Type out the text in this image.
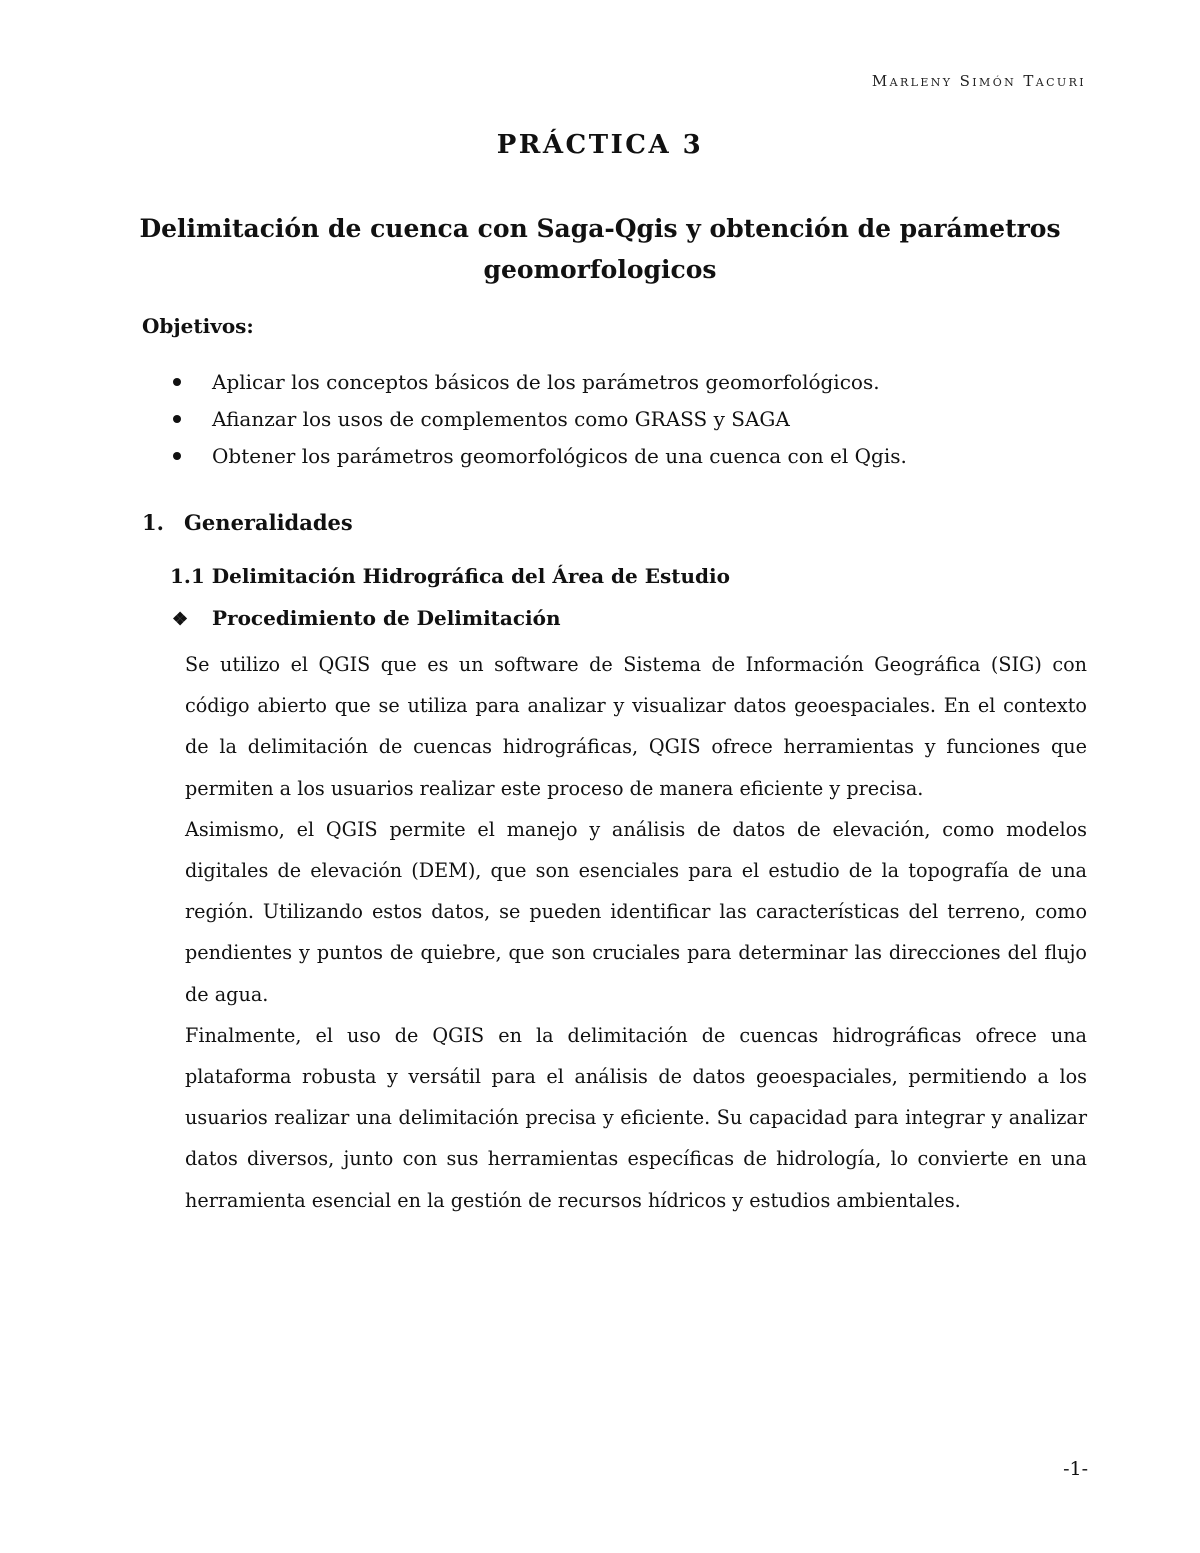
Marleny Simón Tacuri
PRÁCTICA 3
Delimitación de cuenca con Saga-Qgis y obtención de parámetros
geomorfologicos
Objetivos:
Aplicar los conceptos básicos de los parámetros geomorfológicos.
Afianzar los usos de complementos como GRASS y SAGA
Obtener los parámetros geomorfológicos de una cuenca con el Qgis.
1. Generalidades
1.1 Delimitación Hidrográfica del Área de Estudio
❖ Procedimiento de Delimitación

Se utilizo el QGIS que es un software de Sistema de Información Geográfica (SIG) con código abierto que se utiliza para analizar y visualizar datos geoespaciales. En el contexto de la delimitación de cuencas hidrográficas, QGIS ofrece herramientas y funciones que permiten a los usuarios realizar este proceso de manera eficiente y precisa.

Asimismo, el QGIS permite el manejo y análisis de datos de elevación, como modelos digitales de elevación (DEM), que son esenciales para el estudio de la topografía de una región. Utilizando estos datos, se pueden identificar las características del terreno, como pendientes y puntos de quiebre, que son cruciales para determinar las direcciones del flujo de agua.

Finalmente, el uso de QGIS en la delimitación de cuencas hidrográficas ofrece una plataforma robusta y versátil para el análisis de datos geoespaciales, permitiendo a los usuarios realizar una delimitación precisa y eficiente. Su capacidad para integrar y analizar datos diversos, junto con sus herramientas específicas de hidrología, lo convierte en una herramienta esencial en la gestión de recursos hídricos y estudios ambientales.

-1-
